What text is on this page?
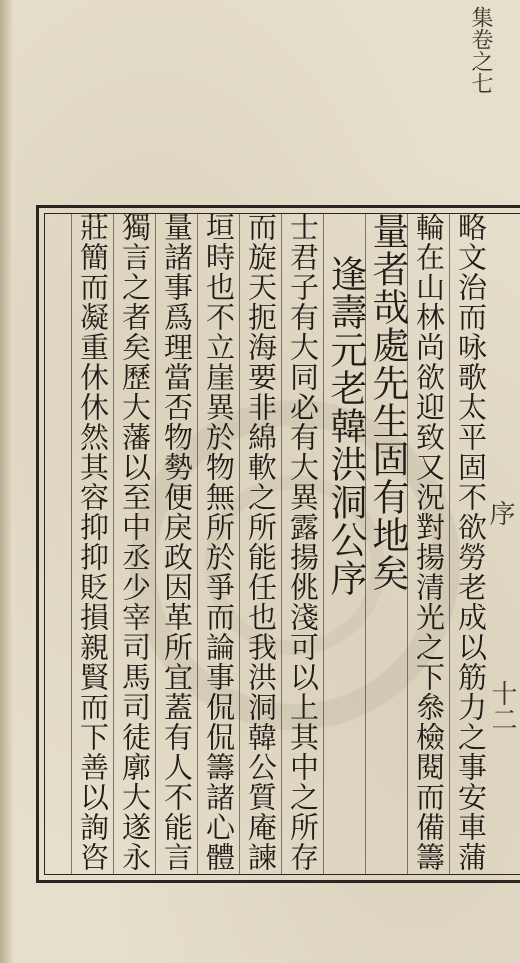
集卷之七
序
十二
略文治而咏歌太平固不欲勞老成以筋力之事安車蒲
輪在山林尚欲迎致又況對揚清光之下叅檢閱而備籌
量者哉處先生固有地矣
逢壽元老韓洪洞公序
士君子有大同必有大異露揚佻淺可以上其中之所存
而旋天扼海要非綿軟之所能任也我洪洞韓公質庵諫
垣時也不立崖異於物無所於爭而論事侃侃籌諸心體
量諸事爲理當否物勢便戾政因革所宜蓋有人不能言
獨言之者矣歷大藩以至中丞少宰司馬司徒廓大遂永
莊簡而凝重休休然其容抑抑貶損親賢而下善以詢咨
